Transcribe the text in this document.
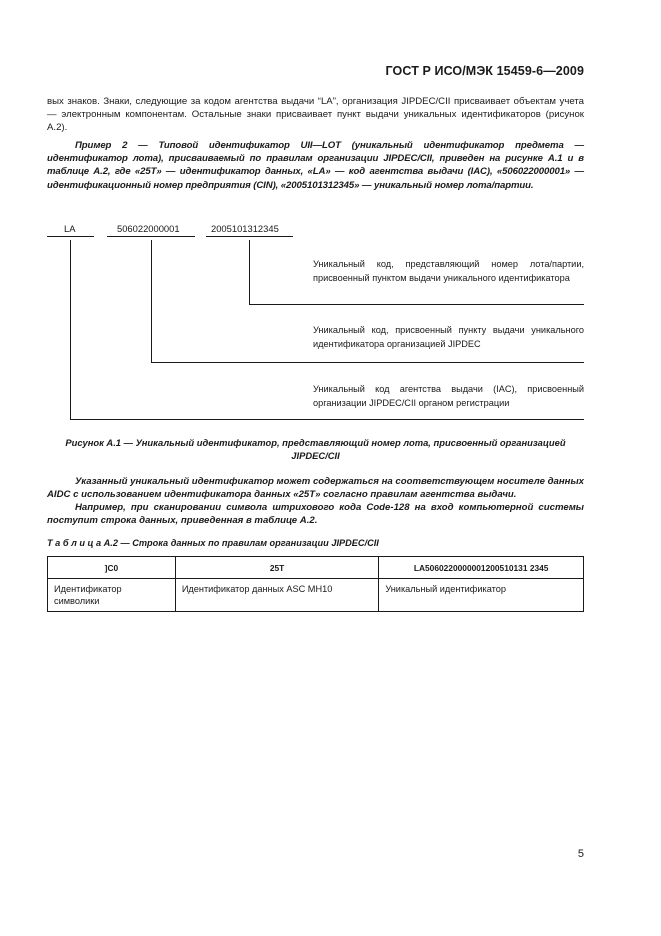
ГОСТ Р ИСО/МЭК 15459-6—2009
вых знаков. Знаки, следующие за кодом агентства выдачи “LA”, организация JIPDEC/CII присваивает объектам учета — электронным компонентам. Остальные знаки присваивает пункт выдачи уникальных идентификаторов (рисунок А.2).
Пример 2 — Типовой идентификатор UII—LOT (уникальный идентификатор предмета — идентификатор лота), присваиваемый по правилам организации JIPDEC/CII, приведен на рисунке А.1 и в таблице А.2, где «25T» — идентификатор данных, «LA» — код агентства выдачи (IAC), «506022000001» — идентификационный номер предприятия (CIN), «2005101312345» — уникальный номер лота/партии.
LA	506022000001	2005101312345
Уникальный код, представляющий номер лота/партии, присвоенный пунктом выдачи уникального идентификатора
Уникальный код, присвоенный пункту выдачи уникального идентификатора организацией JIPDEC
Уникальный код агентства выдачи (IAC), присвоенный организации JIPDEC/CII органом регистрации
Рисунок А.1 — Уникальный идентификатор, представляющий номер лота, присвоенный организацией
JIPDEC/CII
Указанный уникальный идентификатор может содержаться на соответствующем носителе данных AIDC с использованием идентификатора данных «25T» согласно правилам агентства выдачи.
Например, при сканировании символа штрихового кода Code-128 на вход компьютерной системы поступит строка данных, приведенная в таблице А.2.
Т а б л и ц а А.2 — Строка данных по правилам организации JIPDEC/CII
]C0	25T	LA5060220000001200510131 2345
Идентификатор символики	Идентификатор данных ASC MH10	Уникальный идентификатор
5
